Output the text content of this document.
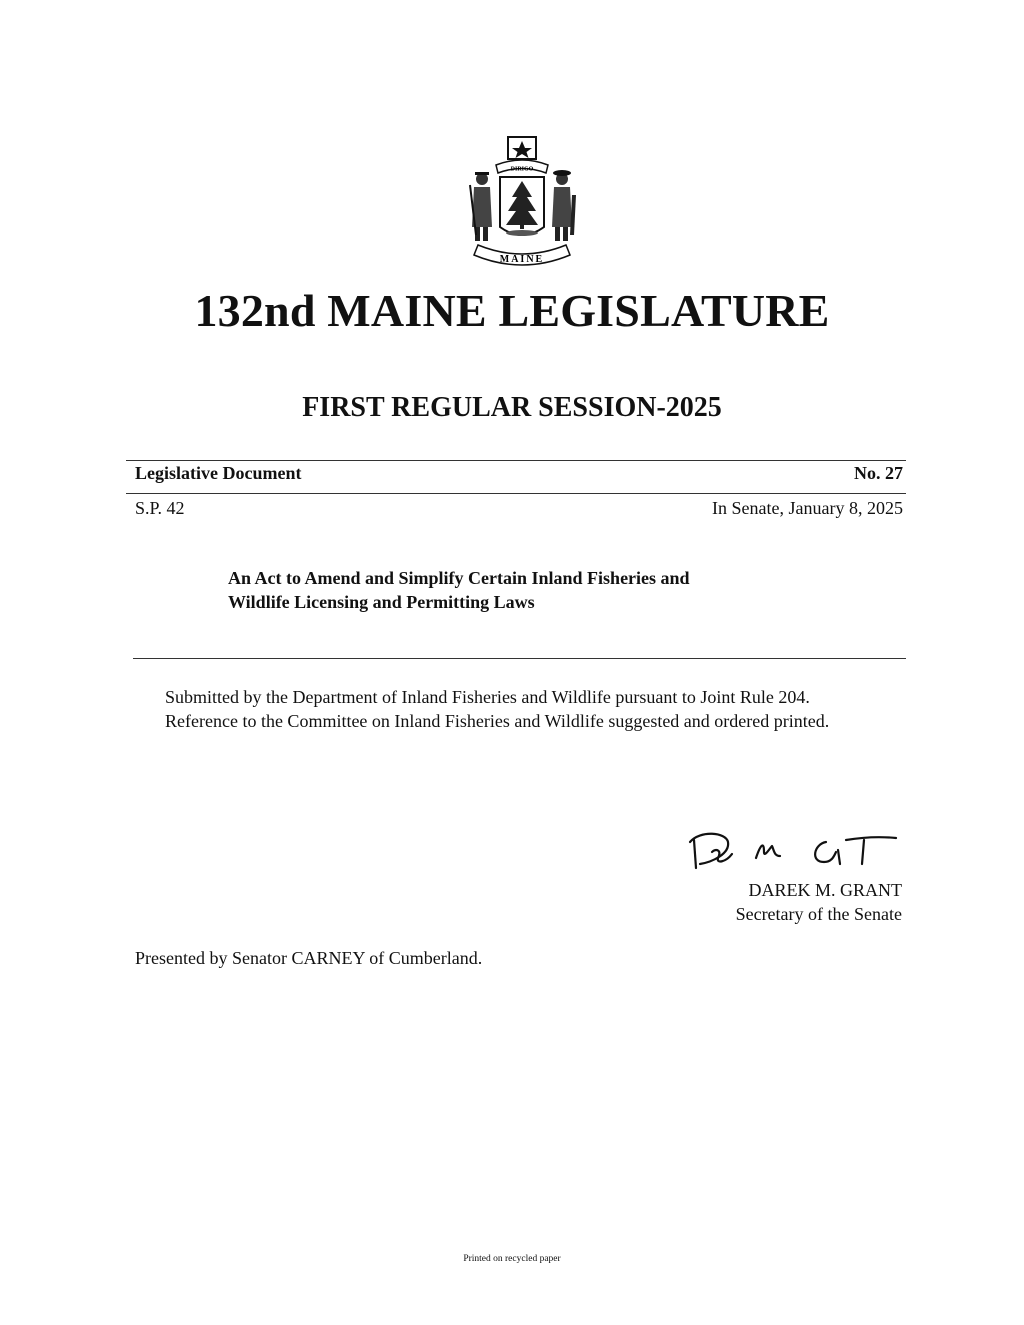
DIRIGO
MAINE
132nd MAINE LEGISLATURE
FIRST REGULAR SESSION-2025
Legislative Document	No. 27
S.P. 42	In Senate, January 8, 2025
An Act to Amend and Simplify Certain Inland Fisheries and
Wildlife Licensing and Permitting Laws

Submitted by the Department of Inland Fisheries and Wildlife pursuant to Joint Rule 204.

Reference to the Committee on Inland Fisheries and Wildlife suggested and ordered printed.

DAREK M. GRANT
Secretary of the Senate
Presented by Senator CARNEY of Cumberland.
Printed on recycled paper
